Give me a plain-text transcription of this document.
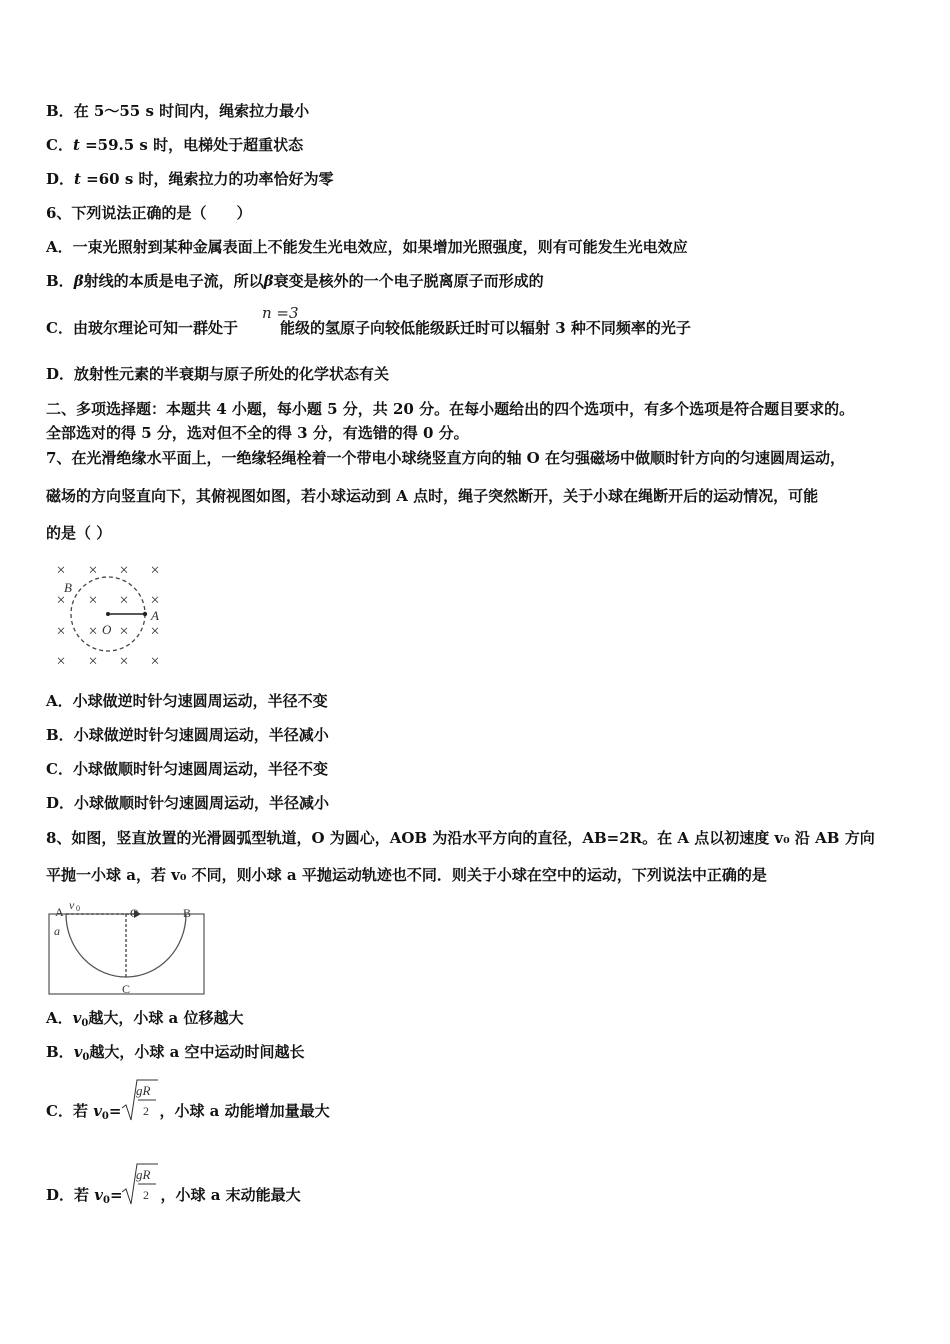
B．在 5～55 s 时间内，绳索拉力最小
C．t =59.5 s 时，电梯处于超重状态
D．t =60 s 时，绳索拉力的功率恰好为零
6、下列说法正确的是（　　）
A．一束光照射到某种金属表面上不能发生光电效应，如果增加光照强度，则有可能发生光电效应
B．β射线的本质是电子流，所以β衰变是核外的一个电子脱离原子而形成的
C．由玻尔理论可知一群处于	能级的氢原子向较低能级跃迁时可以辐射 3 种不同频率的光子
n =3
D．放射性元素的半衰期与原子所处的化学状态有关
二、多项选择题：本题共 4 小题，每小题 5 分，共 20 分。在每小题给出的四个选项中，有多个选项是符合题目要求的。
全部选对的得 5 分，选对但不全的得 3 分，有选错的得 0 分。
7、在光滑绝缘水平面上，一绝缘轻绳栓着一个带电小球绕竖直方向的轴 O 在匀强磁场中做顺时针方向的匀速圆周运动，
磁场的方向竖直向下，其俯视图如图，若小球运动到 A 点时，绳子突然断开，关于小球在绳断开后的运动情况，可能
的是（ ）
× × × ×
× × × ×
× × × ×
× × × ×
B
A
O
A．小球做逆时针匀速圆周运动，半径不变
B．小球做逆时针匀速圆周运动，半径减小
C．小球做顺时针匀速圆周运动，半径不变
D．小球做顺时针匀速圆周运动，半径减小
8、如图，竖直放置的光滑圆弧型轨道，O 为圆心，AOB 为沿水平方向的直径，AB=2R。在 A 点以初速度 v₀ 沿 AB 方向
平抛一小球 a，若 v₀ 不同，则小球 a 平抛运动轨迹也不同．则关于小球在空中的运动，下列说法中正确的是
A	O	B
C
v 0
a
A．$v_0$越大，小球 a 位移越大
B．$v_0$越大，小球 a 空中运动时间越长
C．若 $v_0=$	，小球 a 动能增加量最大
gR
2
D．若 $v_0=$	，小球 a 末动能最大
gR
2
